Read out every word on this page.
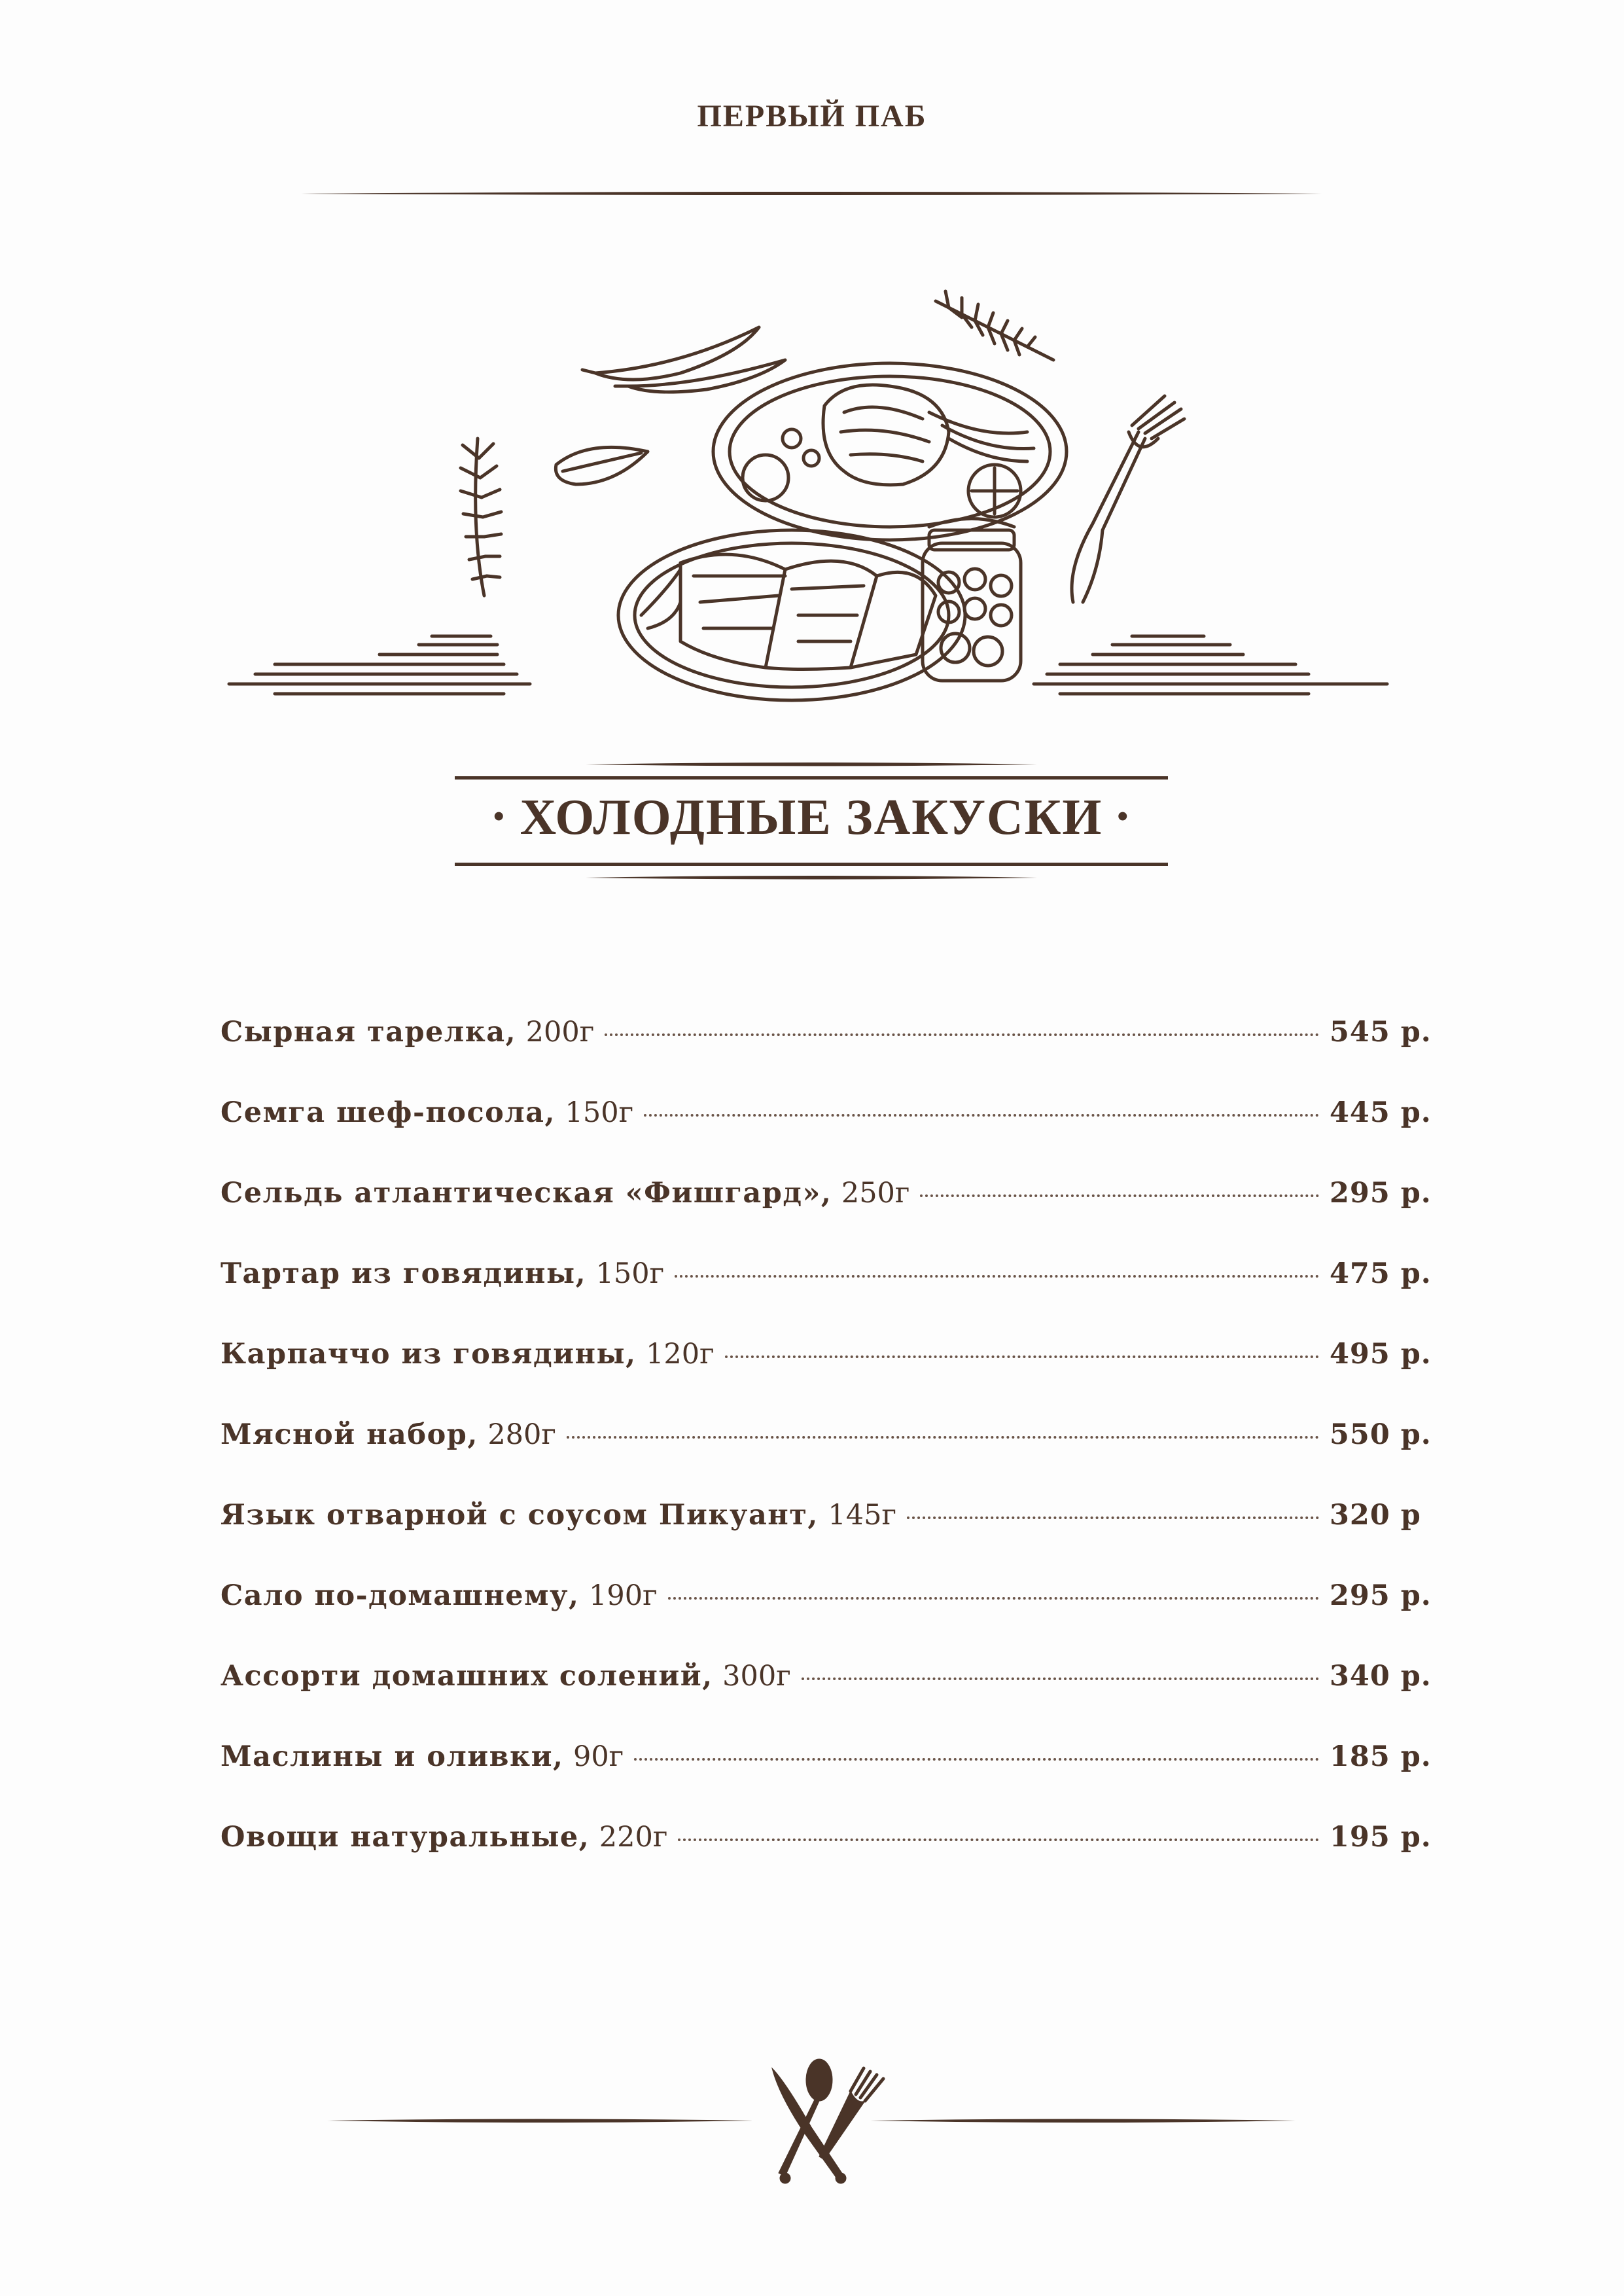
ПЕРВЫЙ ПАБ
• ХОЛОДНЫЕ ЗАКУСКИ •
Сырная тарелка , 200г	545 р.
Семга шеф-посола , 150г	445 р.
Сельдь атлантическая «Фишгард» , 250г	295 р.
Тартар из говядины , 150г	475 р.
Карпаччо из говядины , 120г	495 р.
Мясной набор , 280г	550 р.
Язык отварной с соусом Пикуант , 145г	320 р
Сало по-домашнему , 190г	295 р.
Ассорти домашних солений , 300г	340 р.
Маслины и оливки , 90г	185 р.
Овощи натуральные , 220г	195 р.
